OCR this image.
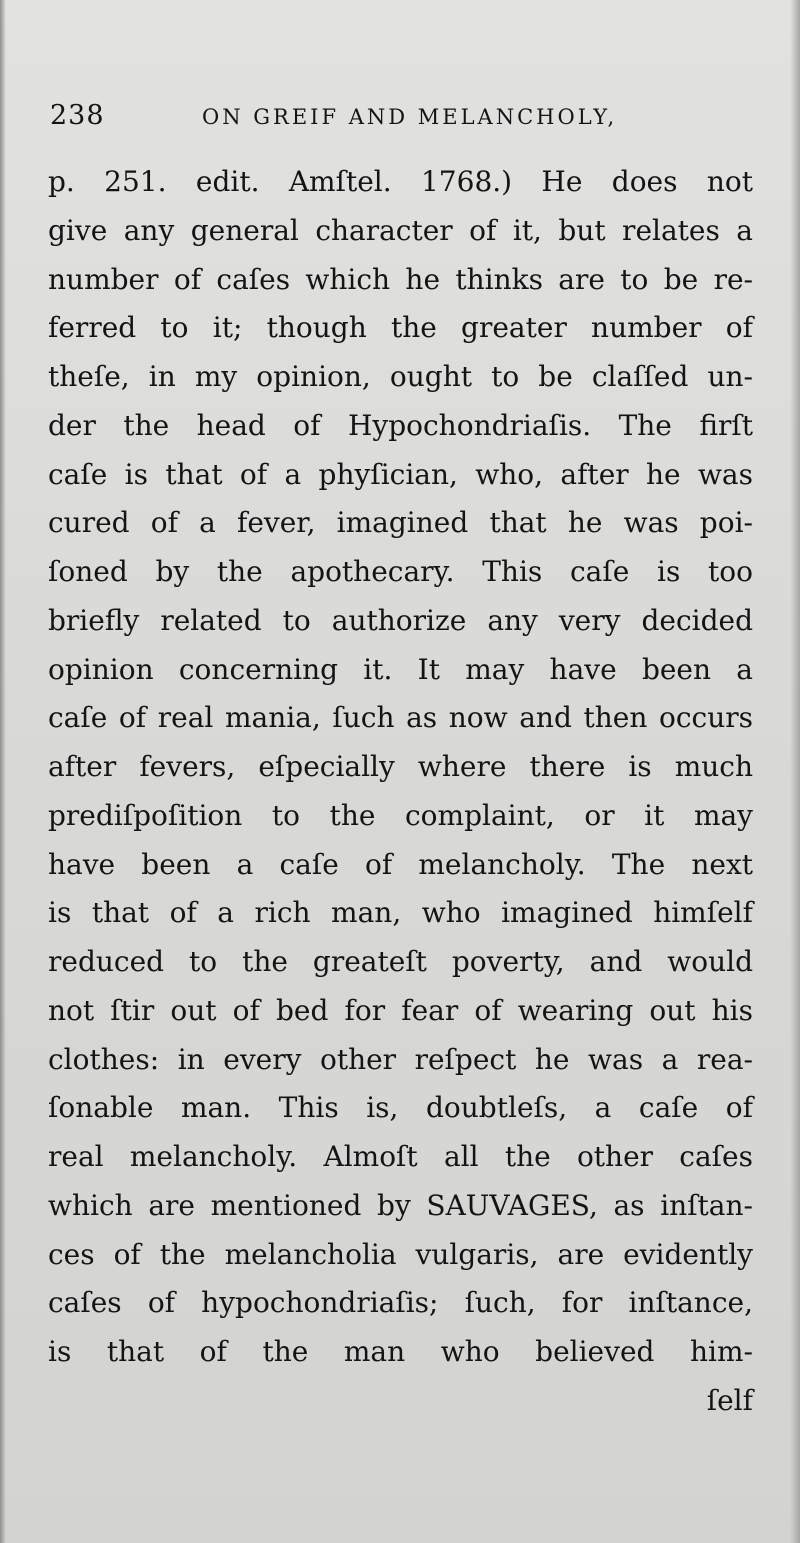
238	ON GREIF AND MELANCHOLY,
p. 251. edit. Amſtel. 1768.) He does not
give any general character of it, but relates a
number of caſes which he thinks are to be re-
ferred to it; though the greater number of
theſe, in my opinion, ought to be claſſed un-
der the head of Hypochondriaſis. The firſt
caſe is that of a phyſician, who, after he was
cured of a fever, imagined that he was poi-
ſoned by the apothecary. This caſe is too
briefly related to authorize any very decided
opinion concerning it. It may have been a
caſe of real mania, ſuch as now and then occurs
after fevers, eſpecially where there is much
prediſpoſition to the complaint, or it may
have been a caſe of melancholy. The next
is that of a rich man, who imagined himſelf
reduced to the greateſt poverty, and would
not ſtir out of bed for fear of wearing out his
clothes: in every other reſpect he was a rea-
ſonable man. This is, doubtleſs, a caſe of
real melancholy. Almoſt all the other caſes
which are mentioned by SAUVAGES, as inſtan-
ces of the melancholia vulgaris, are evidently
caſes of hypochondriaſis; ſuch, for inſtance,
is that of the man who believed him-
ſelf
